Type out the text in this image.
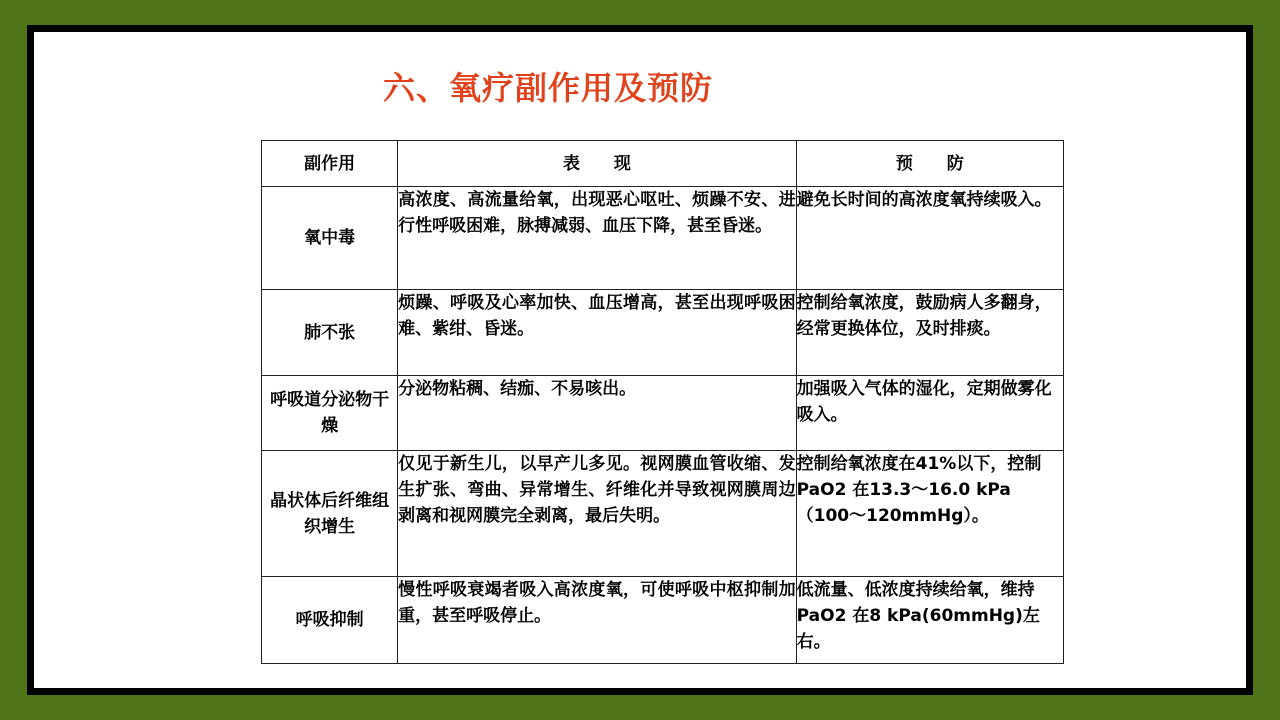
六、氧疗副作用及预防
副作用	表　　现	预　　防
氧中毒	高浓度、高流量给氧，出现恶心呕吐、烦躁不安、进行性呼吸困难，脉搏减弱、血压下降，甚至昏迷。	避免长时间的高浓度氧持续吸入。
肺不张	烦躁、呼吸及心率加快、血压增高，甚至出现呼吸困难、紫绀、昏迷。	控制给氧浓度，鼓励病人多翻身，经常更换体位，及时排痰。
呼吸道分泌物干燥	分泌物粘稠、结痂、不易咳出。	加强吸入气体的湿化，定期做雾化吸入。
晶状体后纤维组织增生	仅见于新生儿，以早产儿多见。视网膜血管收缩、发生扩张、弯曲、异常增生、纤维化并导致视网膜周边剥离和视网膜完全剥离，最后失明。	控制给氧浓度在41%以下，控制PaO2 在13.3～16.0 kPa（100～120mmHg）。
呼吸抑制	慢性呼吸衰竭者吸入高浓度氧，可使呼吸中枢抑制加重，甚至呼吸停止。	低流量、低浓度持续给氧，维持PaO2 在8 kPa(60mmHg)左右。
